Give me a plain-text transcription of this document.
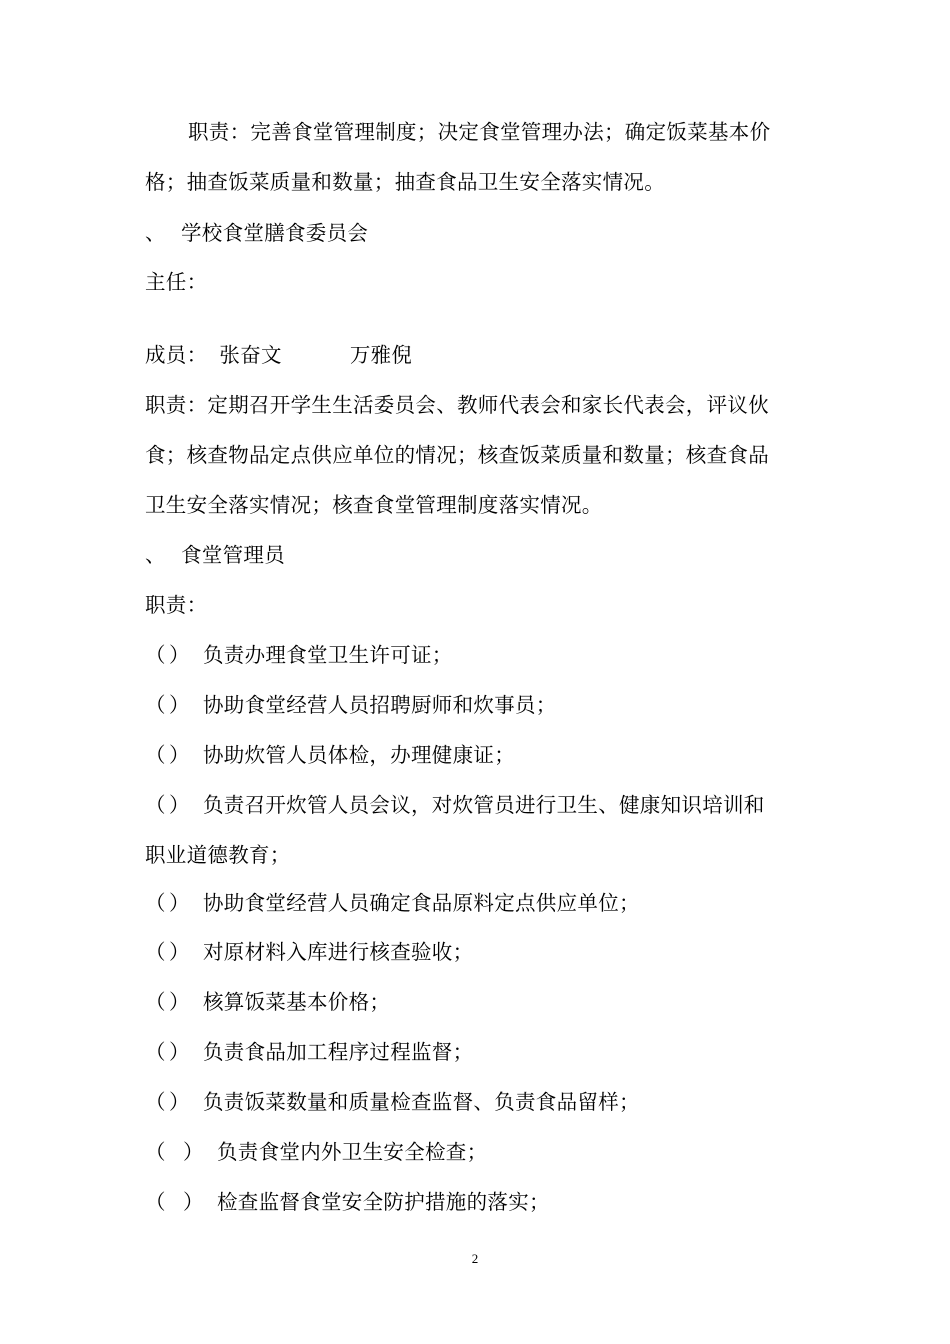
职责：完善食堂管理制度；决定食堂管理办法；确定饭菜基本价

格；抽查饭菜质量和数量；抽查食品卫生安全落实情况。

、 学校食堂膳食委员会

主任：

成员： 张奋文	万雅倪

职责：定期召开学生生活委员会、教师代表会和家长代表会，评议伙

食；核查物品定点供应单位的情况；核查饭菜质量和数量；核查食品

卫生安全落实情况；核查食堂管理制度落实情况。

、 食堂管理员

职责：

（ ） 负责办理食堂卫生许可证；

（ ） 协助食堂经营人员招聘厨师和炊事员；

（ ） 协助炊管人员体检，办理健康证；

（ ） 负责召开炊管人员会议，对炊管员进行卫生、健康知识培训和

职业道德教育；

（ ） 协助食堂经营人员确定食品原料定点供应单位；

（ ） 对原材料入库进行核查验收；

（ ） 核算饭菜基本价格；

（ ） 负责食品加工程序过程监督；

（ ） 负责饭菜数量和质量检查监督、负责食品留样；

（ ） 负责食堂内外卫生安全检查；

（ ） 检查监督食堂安全防护措施的落实；

2
